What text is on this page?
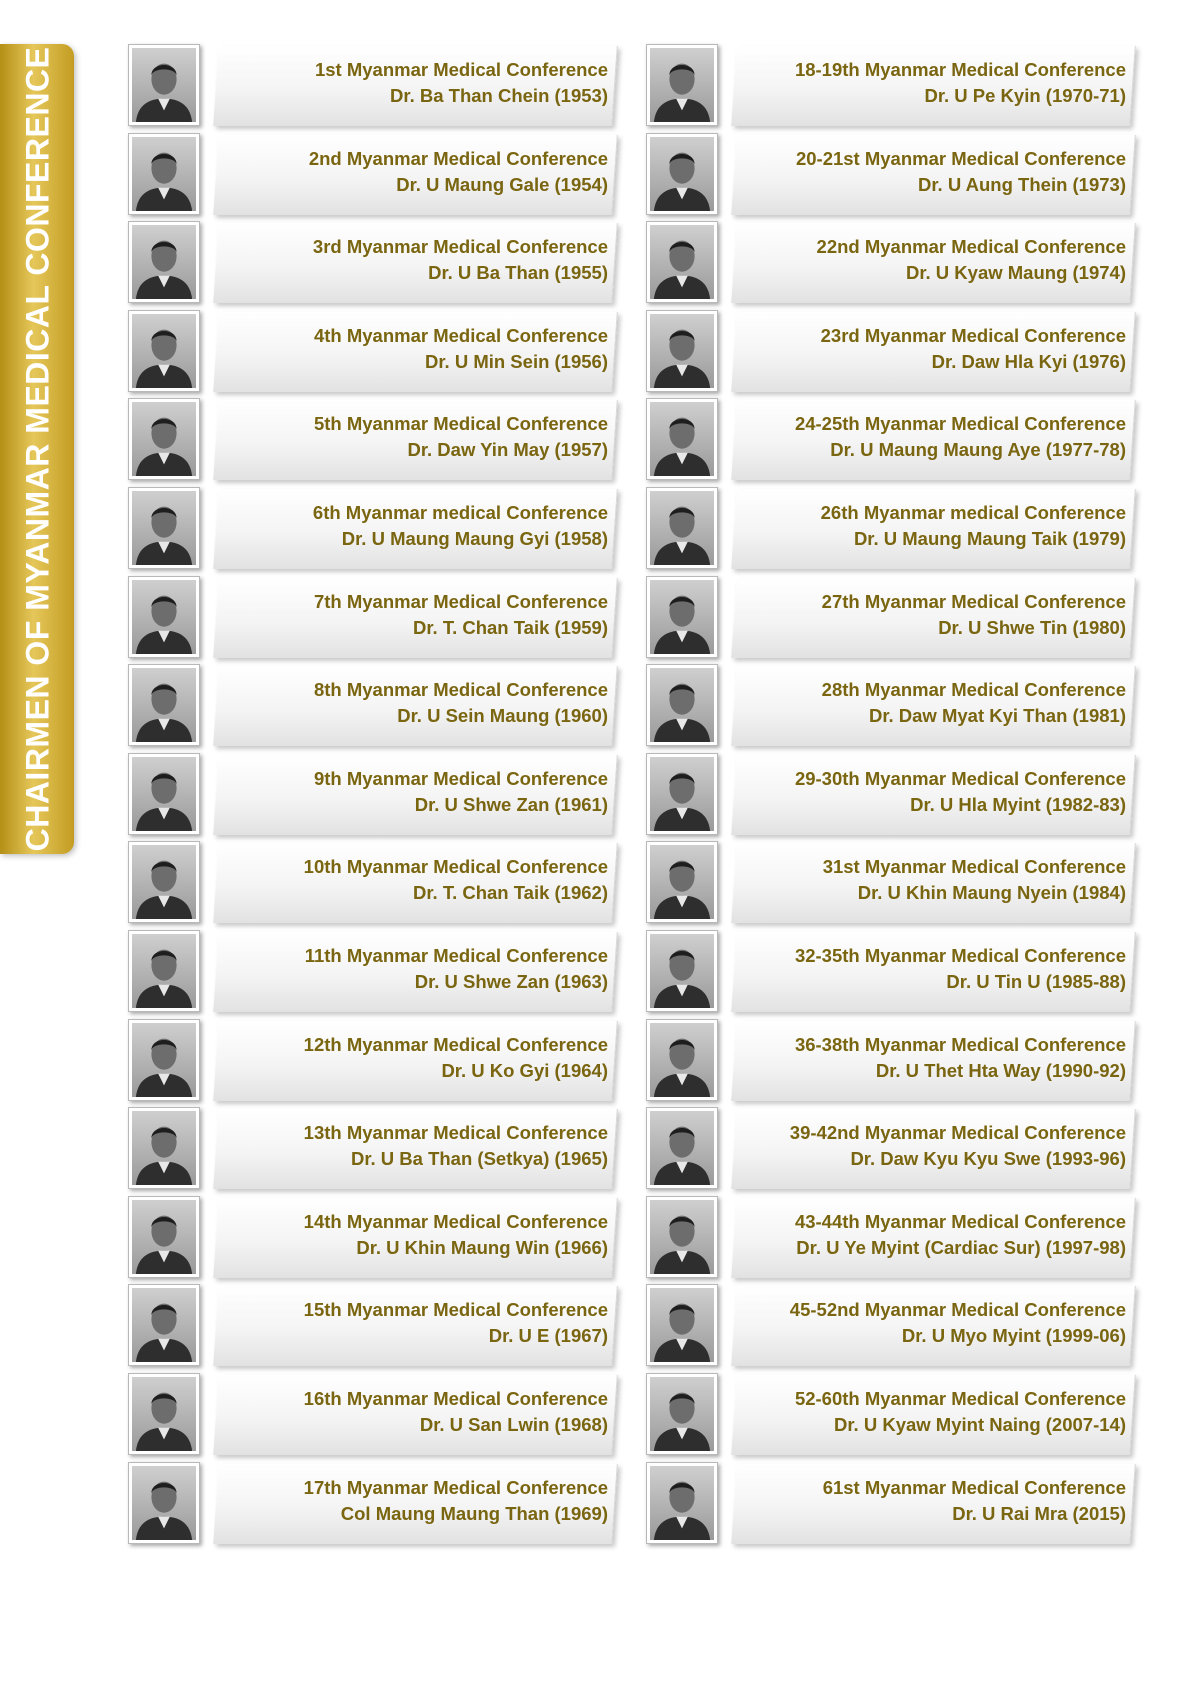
CHAIRMEN OF MYANMAR MEDICAL CONFERENCE	1st Myanmar Medical Conference
Dr. Ba Than Chein (1953)
2nd Myanmar Medical Conference
Dr. U Maung Gale (1954)
3rd Myanmar Medical Conference
Dr. U Ba Than (1955)
4th Myanmar Medical Conference
Dr. U Min Sein (1956)
5th Myanmar Medical Conference
Dr. Daw Yin May (1957)
6th Myanmar medical Conference
Dr. U Maung Maung Gyi (1958)
7th Myanmar Medical Conference
Dr. T. Chan Taik (1959)
8th Myanmar Medical Conference
Dr. U Sein Maung (1960)
9th Myanmar Medical Conference
Dr. U Shwe Zan (1961)
10th Myanmar Medical Conference
Dr. T. Chan Taik (1962)
11th Myanmar Medical Conference
Dr. U Shwe Zan (1963)
12th Myanmar Medical Conference
Dr. U Ko Gyi (1964)
13th Myanmar Medical Conference
Dr. U Ba Than (Setkya) (1965)
14th Myanmar Medical Conference
Dr. U Khin Maung Win (1966)
15th Myanmar Medical Conference
Dr. U E (1967)
16th Myanmar Medical Conference
Dr. U San Lwin (1968)
17th Myanmar Medical Conference
Col Maung Maung Than (1969)
18-19th Myanmar Medical Conference
Dr. U Pe Kyin (1970-71)
20-21st Myanmar Medical Conference
Dr. U Aung Thein (1973)
22nd Myanmar Medical Conference
Dr. U Kyaw Maung (1974)
23rd Myanmar Medical Conference
Dr. Daw Hla Kyi (1976)
24-25th Myanmar Medical Conference
Dr. U Maung Maung Aye (1977-78)
26th Myanmar medical Conference
Dr. U Maung Maung Taik (1979)
27th Myanmar Medical Conference
Dr. U Shwe Tin (1980)
28th Myanmar Medical Conference
Dr. Daw Myat Kyi Than (1981)
29-30th Myanmar Medical Conference
Dr. U Hla Myint (1982-83)
31st Myanmar Medical Conference
Dr. U Khin Maung Nyein (1984)
32-35th Myanmar Medical Conference
Dr. U Tin U (1985-88)
36-38th Myanmar Medical Conference
Dr. U Thet Hta Way (1990-92)
39-42nd Myanmar Medical Conference
Dr. Daw Kyu Kyu Swe (1993-96)
43-44th Myanmar Medical Conference
Dr. U Ye Myint (Cardiac Sur) (1997-98)
45-52nd Myanmar Medical Conference
Dr. U Myo Myint (1999-06)
52-60th Myanmar Medical Conference
Dr. U Kyaw Myint Naing (2007-14)
61st Myanmar Medical Conference
Dr. U Rai Mra (2015)
